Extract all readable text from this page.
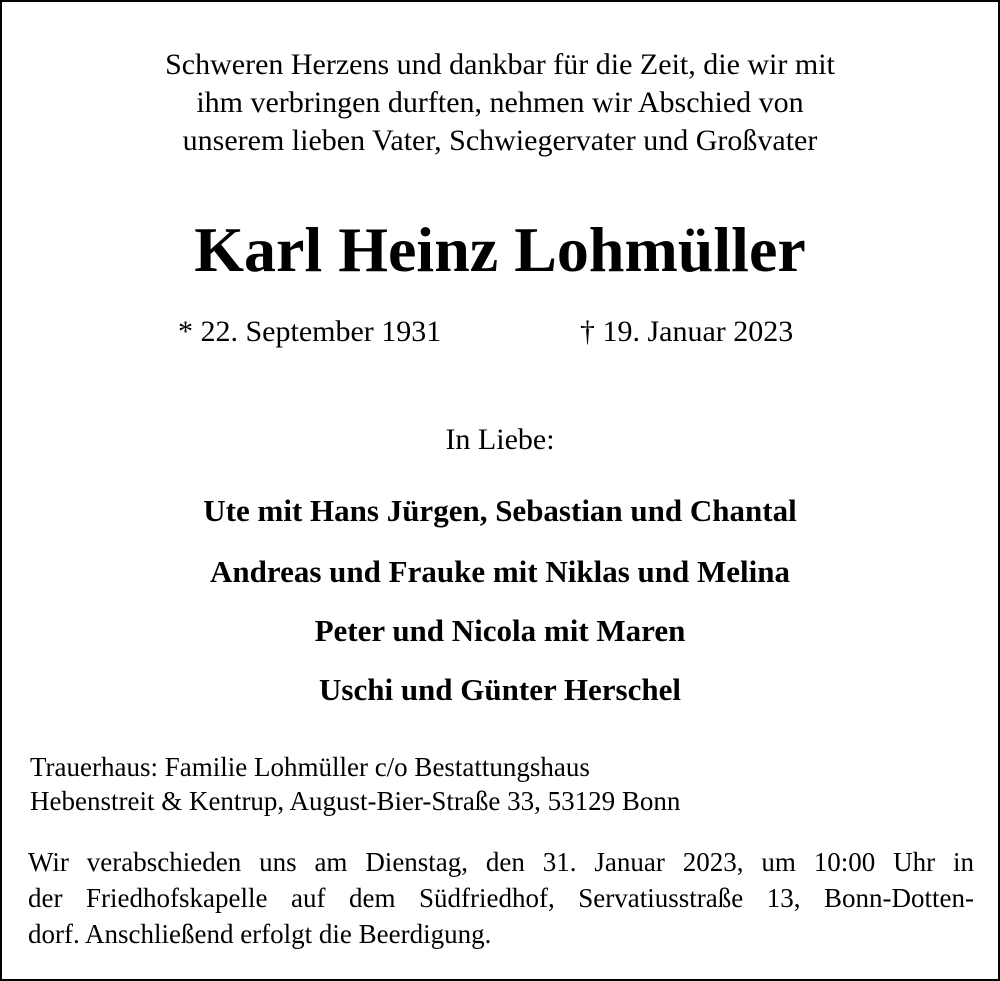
Schweren Herzens und dankbar für die Zeit, die wir mit
ihm verbringen durften, nehmen wir Abschied von
unserem lieben Vater, Schwiegervater und Großvater
Karl Heinz Lohmüller
* 22. September 1931	† 19. Januar 2023
In Liebe:
Ute mit Hans Jürgen, Sebastian und Chantal
Andreas und Frauke mit Niklas und Melina
Peter und Nicola mit Maren
Uschi und Günter Herschel
Trauerhaus: Familie Lohmüller c/o Bestattungshaus
Hebenstreit & Kentrup, August-Bier-Straße 33, 53129 Bonn
Wir verabschieden uns am Dienstag, den 31. Januar 2023, um 10:00 Uhr in
der Friedhofskapelle auf dem Südfriedhof, Servatiusstraße 13, Bonn-Dotten-
dorf. Anschließend erfolgt die Beerdigung.
